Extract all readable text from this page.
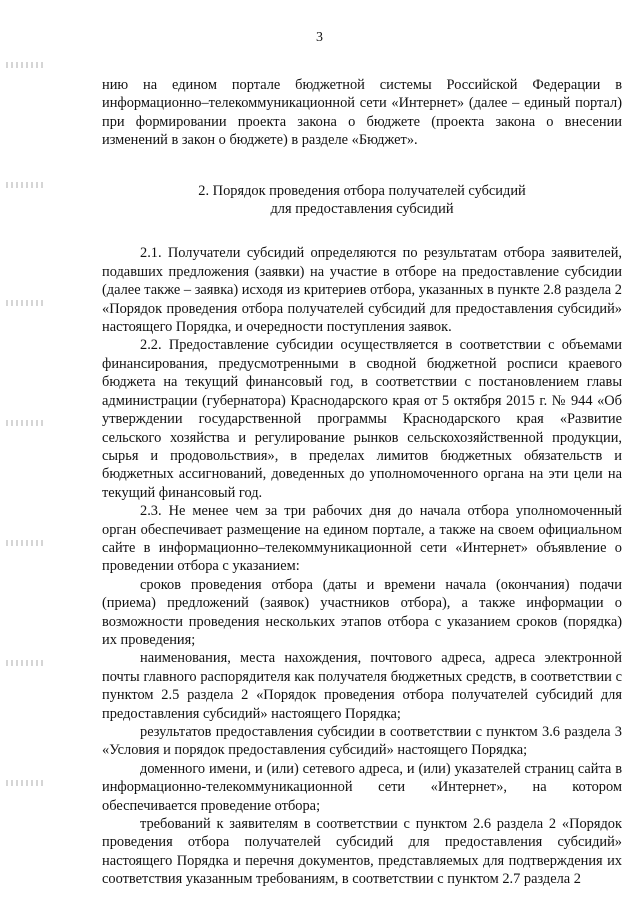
3

нию на едином портале бюджетной системы Российской Федерации в информационно–телекоммуникационной сети «Интернет» (далее – единый портал) при формировании проекта закона о бюджете (проекта закона о внесении изменений в закон о бюджете) в разделе «Бюджет».

2. Порядок проведения отбора получателей субсидий
для предоставления субсидий

2.1. Получатели субсидий определяются по результатам отбора заявителей, подавших предложения (заявки) на участие в отборе на предоставление субсидии (далее также – заявка) исходя из критериев отбора, указанных в пункте 2.8 раздела 2 «Порядок проведения отбора получателей субсидий для предоставления субсидий» настоящего Порядка, и очередности поступления заявок.

2.2. Предоставление субсидии осуществляется в соответствии с объемами финансирования, предусмотренными в сводной бюджетной росписи краевого бюджета на текущий финансовый год, в соответствии с постановлением главы администрации (губернатора) Краснодарского края от 5 октября 2015 г. № 944 «Об утверждении государственной программы Краснодарского края «Развитие сельского хозяйства и регулирование рынков сельскохозяйственной продукции, сырья и продовольствия», в пределах лимитов бюджетных обязательств и бюджетных ассигнований, доведенных до уполномоченного органа на эти цели на текущий финансовый год.

2.3. Не менее чем за три рабочих дня до начала отбора уполномоченный орган обеспечивает размещение на едином портале, а также на своем официальном сайте в информационно–телекоммуникационной сети «Интернет» объявление о проведении отбора с указанием:

сроков проведения отбора (даты и времени начала (окончания) подачи (приема) предложений (заявок) участников отбора), а также информации о возможности проведения нескольких этапов отбора с указанием сроков (порядка) их проведения;

наименования, места нахождения, почтового адреса, адреса электронной почты главного распорядителя как получателя бюджетных средств, в соответствии с пунктом 2.5 раздела 2 «Порядок проведения отбора получателей субсидий для предоставления субсидий» настоящего Порядка;

результатов предоставления субсидии в соответствии с пунктом 3.6 раздела 3 «Условия и порядок предоставления субсидий» настоящего Порядка;

доменного имени, и (или) сетевого адреса, и (или) указателей страниц сайта в информационно-телекоммуникационной сети «Интернет», на котором обеспечивается проведение отбора;

требований к заявителям в соответствии с пунктом 2.6 раздела 2 «Порядок проведения отбора получателей субсидий для предоставления субсидий» настоящего Порядка и перечня документов, представляемых для подтверждения их соответствия указанным требованиям, в соответствии с пунктом 2.7 раздела 2
